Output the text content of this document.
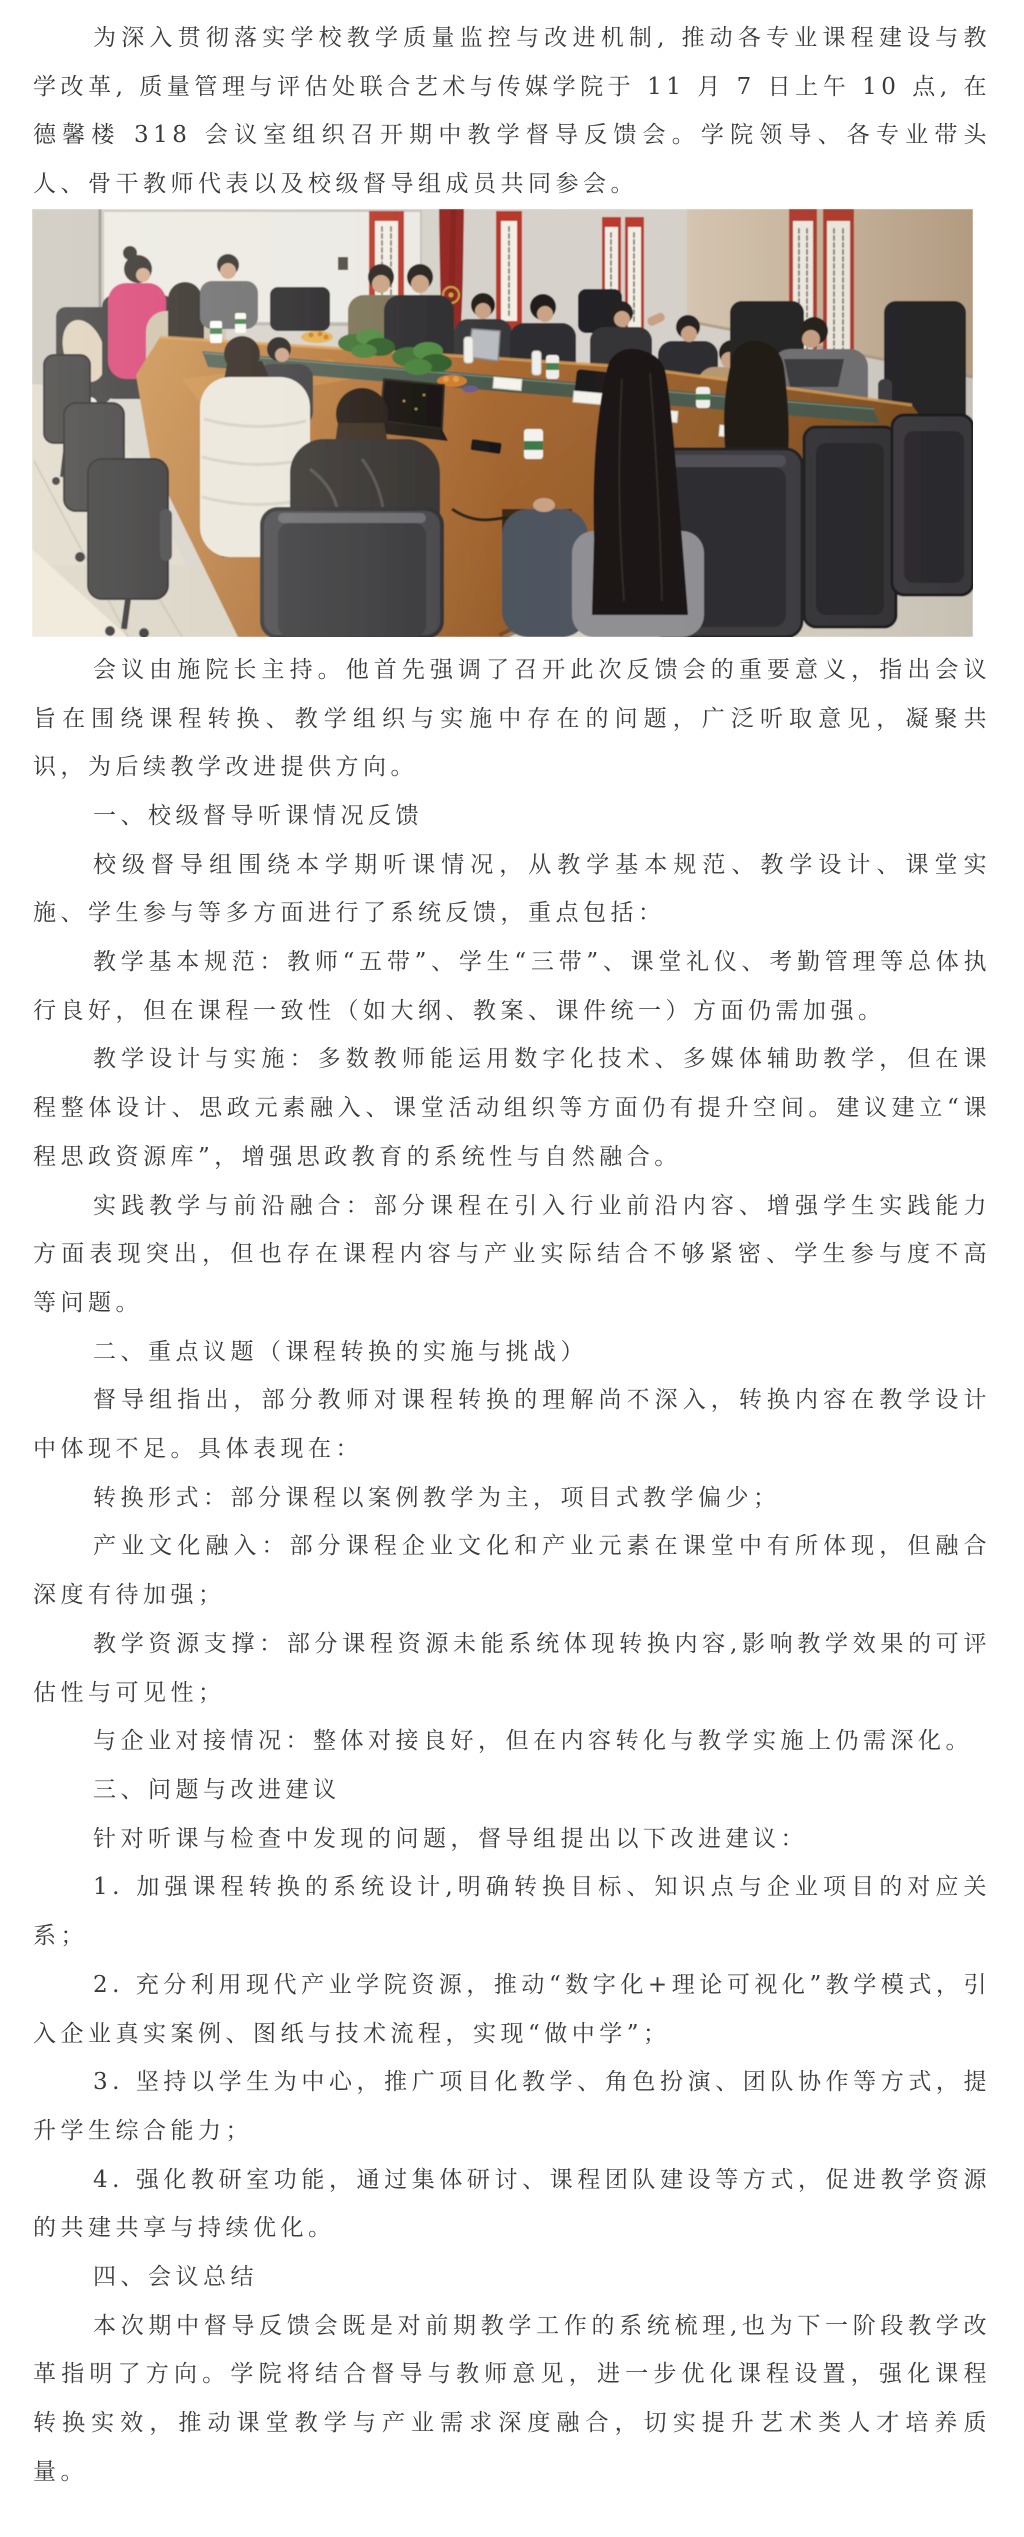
为深入贯彻落实学校教学质量监控与改进机制, 推动各专业课程建设与教学改革, 质量管理与评估处联合艺术与传媒学院于 11 月 7 日上午 10 点, 在德馨楼 318 会议室组织召开期中教学督导反馈会。学院领导、各专业带头人、骨干教师代表以及校级督导组成员共同参会。

会议由施院长主持。他首先强调了召开此次反馈会的重要意义，指出会议旨在围绕课程转换、教学组织与实施中存在的问题，广泛听取意见，凝聚共识，为后续教学改进提供方向。

一、校级督导听课情况反馈

校级督导组围绕本学期听课情况，从教学基本规范、教学设计、课堂实施、学生参与等多方面进行了系统反馈，重点包括：

教学基本规范：教师“五带”、学生“三带”、课堂礼仪、考勤管理等总体执行良好，但在课程一致性（如大纲、教案、课件统一）方面仍需加强。

教学设计与实施：多数教师能运用数字化技术、多媒体辅助教学，但在课程整体设计、思政元素融入、课堂活动组织等方面仍有提升空间。建议建立“课程思政资源库”，增强思政教育的系统性与自然融合。

实践教学与前沿融合：部分课程在引入行业前沿内容、增强学生实践能力方面表现突出，但也存在课程内容与产业实际结合不够紧密、学生参与度不高等问题。

二、重点议题（课程转换的实施与挑战）

督导组指出，部分教师对课程转换的理解尚不深入，转换内容在教学设计中体现不足。具体表现在：

转换形式：部分课程以案例教学为主，项目式教学偏少；

产业文化融入：部分课程企业文化和产业元素在课堂中有所体现，但融合深度有待加强；

教学资源支撑：部分课程资源未能系统体现转换内容,影响教学效果的可评估性与可见性；

与企业对接情况：整体对接良好，但在内容转化与教学实施上仍需深化。

三、问题与改进建议

针对听课与检查中发现的问题，督导组提出以下改进建议：

1. 加强课程转换的系统设计,明确转换目标、知识点与企业项目的对应关系；

2. 充分利用现代产业学院资源，推动“数字化+理论可视化”教学模式，引入企业真实案例、图纸与技术流程，实现“做中学”；

3. 坚持以学生为中心，推广项目化教学、角色扮演、团队协作等方式，提升学生综合能力；

4. 强化教研室功能，通过集体研讨、课程团队建设等方式，促进教学资源的共建共享与持续优化。

四、会议总结

本次期中督导反馈会既是对前期教学工作的系统梳理,也为下一阶段教学改革指明了方向。学院将结合督导与教师意见，进一步优化课程设置，强化课程转换实效，推动课堂教学与产业需求深度融合，切实提升艺术类人才培养质量。
